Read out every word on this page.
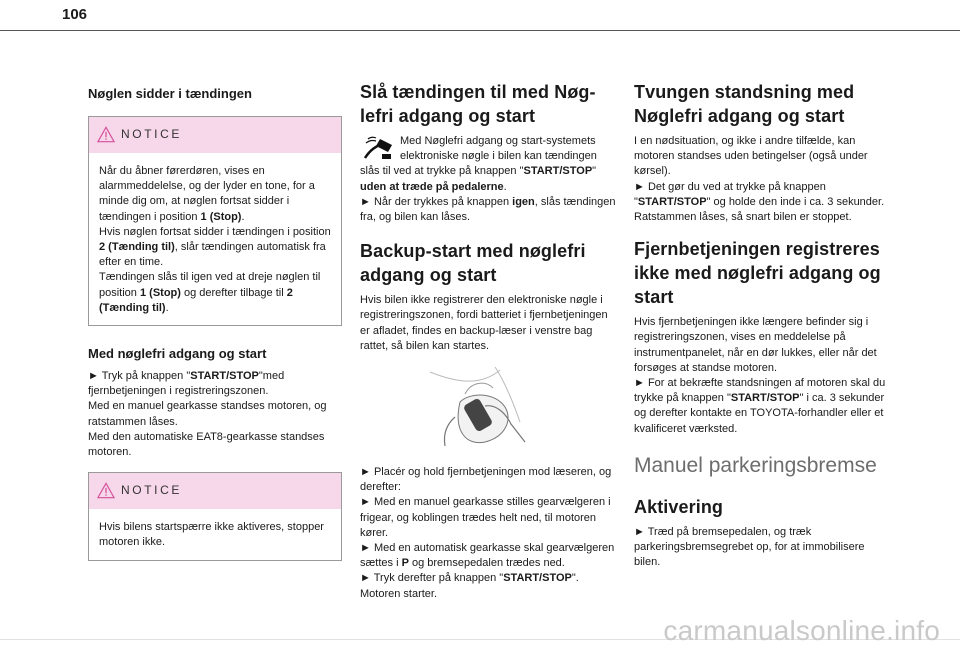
106
Nøglen sidder i tændingen
NOTICE

Når du åbner førerdøren, vises en alarmmeddelelse, og der lyder en tone, for a minde dig om, at nøglen fortsat sidder i tændingen i position 1 (Stop).

Hvis nøglen fortsat sidder i tændingen i position 2 (Tænding til), slår tændingen automatisk fra efter en time.

Tændingen slås til igen ved at dreje nøglen til position 1 (Stop) og derefter tilbage til 2 (Tænding til).

Med nøglefri adgang og start

► Tryk på knappen "START/STOP"med fjernbetjeningen i registreringszonen.

Med en manuel gearkasse standses motoren, og ratstammen låses.

Med den automatiske EAT8-gearkasse standses motoren.

NOTICE

Hvis bilens startspærre ikke aktiveres, stopper motoren ikke.

Slå tændingen til med Nøg-lefri adgang og start

Med Nøglefri adgang og start-systemets elektroniske nøgle i bilen kan tændingen slås til ved at trykke på knappen "START/STOP" uden at træde på pedalerne.

► Når der trykkes på knappen igen, slås tændingen fra, og bilen kan låses.

Backup-start med nøglefri adgang og start

Hvis bilen ikke registrerer den elektroniske nøgle i registreringszonen, fordi batteriet i fjernbetjeningen er afladet, findes en backup-læser i venstre bag rattet, så bilen kan startes.

► Placér og hold fjernbetjeningen mod læseren, og derefter:

► Med en manuel gearkasse stilles gearvælgeren i frigear, og koblingen trædes helt ned, til motoren kører.

► Med en automatisk gearkasse skal gearvælgeren sættes i P og bremsepedalen trædes ned.

► Tryk derefter på knappen "START/STOP".

Motoren starter.

Tvungen standsning med Nøglefri adgang og start

I en nødsituation, og ikke i andre tilfælde, kan motoren standses uden betingelser (også under kørsel).

► Det gør du ved at trykke på knappen "START/STOP" og holde den inde i ca. 3 sekunder.

Ratstammen låses, så snart bilen er stoppet.

Fjernbetjeningen registreres ikke med nøglefri adgang og start

Hvis fjernbetjeningen ikke længere befinder sig i registreringszonen, vises en meddelelse på instrumentpanelet, når en dør lukkes, eller når det forsøges at standse motoren.

► For at bekræfte standsningen af motoren skal du trykke på knappen "START/STOP" i ca. 3 sekunder og derefter kontakte en TOYOTA-forhandler eller et kvalificeret værksted.

Manuel parkeringsbremse
Aktivering

► Træd på bremsepedalen, og træk parkeringsbremsegrebet op, for at immobilisere bilen.

carmanualsonline.info
